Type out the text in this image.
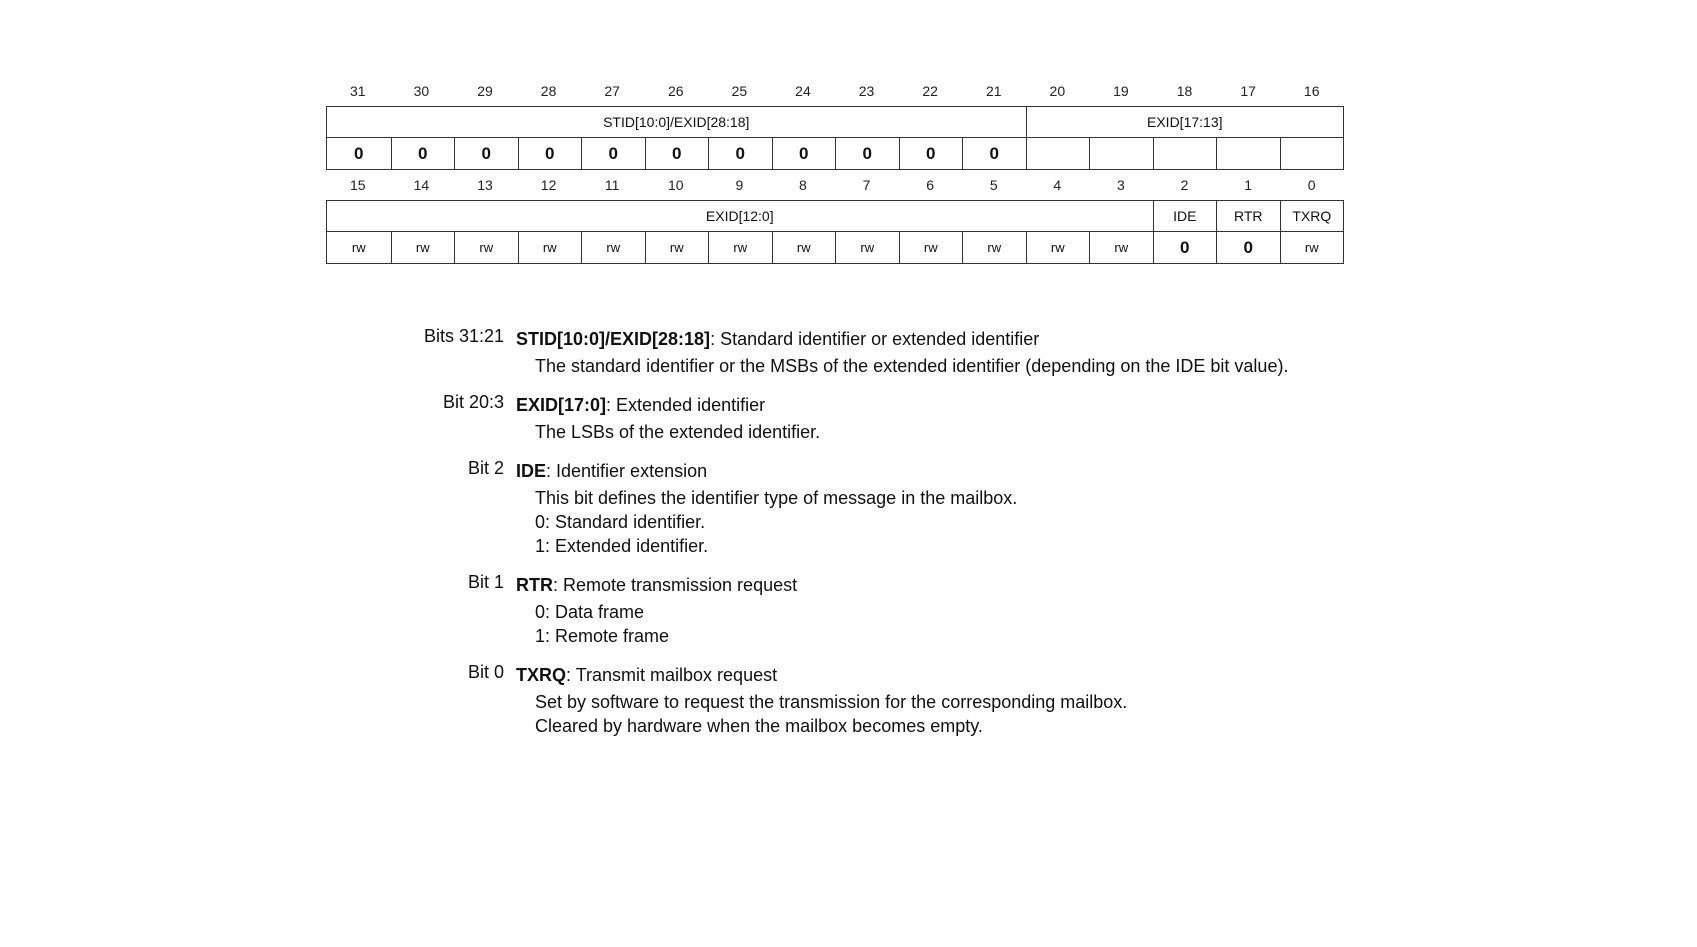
31	30	29	28	27	26	25	24	23	22	21	20	19	18	17	16
STID[10:0]/EXID[28:18]	EXID[17:13]
0	0	0	0	0	0	0	0	0	0	0
15	14	13	12	11	10	9	8	7	6	5	4	3	2	1	0
EXID[12:0]	IDE	RTR	TXRQ
rw	rw	rw	rw	rw	rw	rw	rw	rw	rw	rw	rw	rw	0	0	rw
Bits 31:21 STID[10:0]/EXID[28:18]: Standard identifier or extended identifier

The standard identifier or the MSBs of the extended identifier (depending on the IDE bit value).

Bit 20:3 EXID[17:0]: Extended identifier

The LSBs of the extended identifier.

Bit 2 IDE: Identifier extension

This bit defines the identifier type of message in the mailbox.

0: Standard identifier.

1: Extended identifier.

Bit 1 RTR: Remote transmission request

0: Data frame

1: Remote frame

Bit 0 TXRQ: Transmit mailbox request

Set by software to request the transmission for the corresponding mailbox.

Cleared by hardware when the mailbox becomes empty.
